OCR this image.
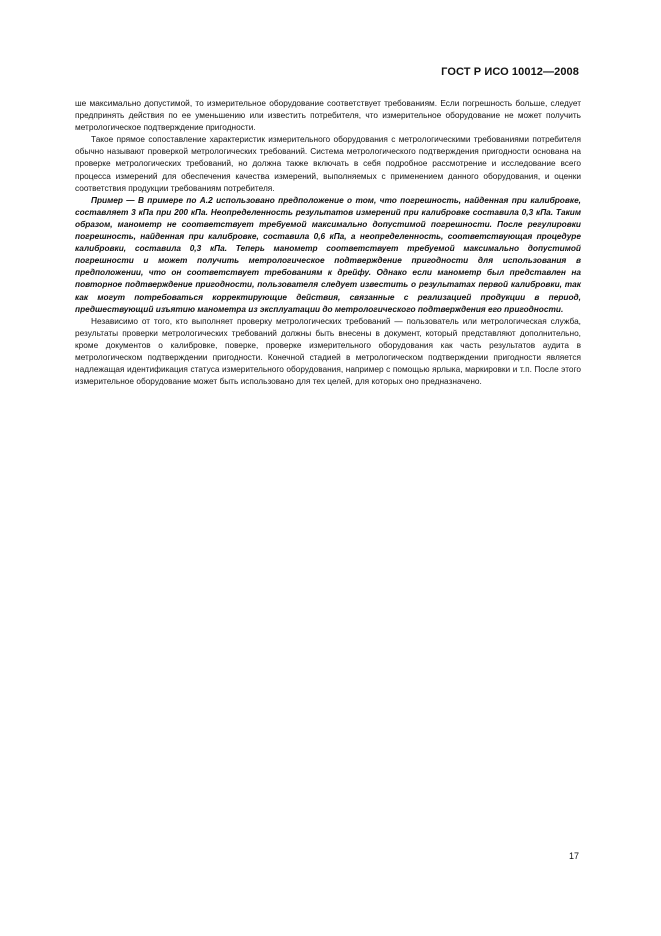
ГОСТ Р ИСО 10012—2008

ше максимально допустимой, то измерительное оборудование соответствует требованиям. Если погрешность больше, следует предпринять действия по ее уменьшению или известить потребителя, что измерительное оборудование не может получить метрологическое подтверждение пригодности.

Такое прямое сопоставление характеристик измерительного оборудования с метрологическими требованиями потребителя обычно называют проверкой метрологических требований. Система метрологического подтверждения пригодности основана на проверке метрологических требований, но должна также включать в себя подробное рассмотрение и исследование всего процесса измерений для обеспечения качества измерений, выполняемых с применением данного оборудования, и оценки соответствия продукции требованиям потребителя.

Пример — В примере по А.2 использовано предположение о том, что погрешность, найденная при калибровке, составляет 3 кПа при 200 кПа. Неопределенность результатов измерений при калибровке составила 0,3 кПа. Таким образом, манометр не соответствует требуемой максимально допустимой погрешности. После регулировки погрешность, найденная при калибровке, составила 0,6 кПа, а неопределенность, соответствующая процедуре калибровки, составила 0,3 кПа. Теперь манометр соответствует требуемой максимально допустимой погрешности и может получить метрологическое подтверждение пригодности для использования в предположении, что он соответствует требованиям к дрейфу. Однако если манометр был представлен на повторное подтверждение пригодности, пользователя следует известить о результатах первой калибровки, так как могут потребоваться корректирующие действия, связанные с реализацией продукции в период, предшествующий изъятию манометра из эксплуатации до метрологического подтверждения его пригодности.

Независимо от того, кто выполняет проверку метрологических требований — пользователь или метрологическая служба, результаты проверки метрологических требований должны быть внесены в документ, который представляют дополнительно, кроме документов о калибровке, поверке, проверке измерительного оборудования как часть результатов аудита в метрологическом подтверждении пригодности. Конечной стадией в метрологическом подтверждении пригодности является надлежащая идентификация статуса измерительного оборудования, например с помощью ярлыка, маркировки и т.п. После этого измерительное оборудование может быть использовано для тех целей, для которых оно предназначено.

17
